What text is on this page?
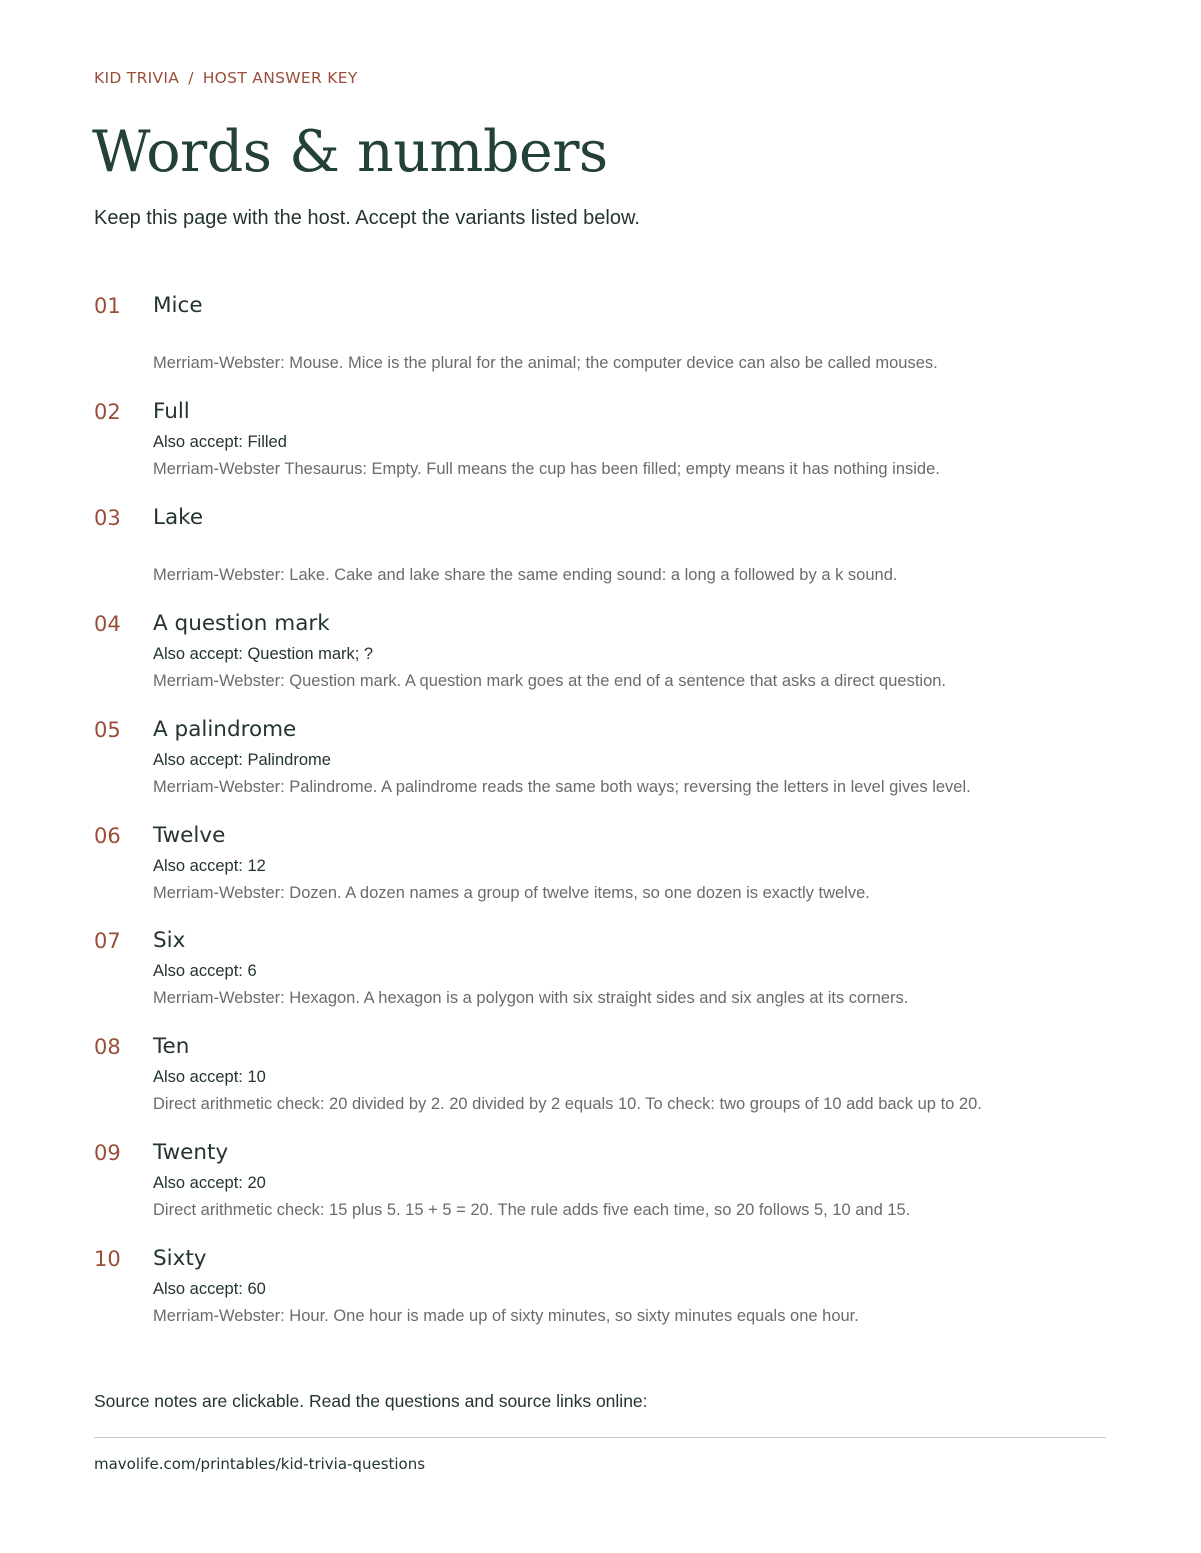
KID TRIVIA / HOST ANSWER KEY
Words & numbers

Keep this page with the host. Accept the variants listed below.

01 Mice
Merriam-Webster: Mouse. Mice is the plural for the animal; the computer device can also be called mouses.
02 Full
Also accept: Filled
Merriam-Webster Thesaurus: Empty. Full means the cup has been filled; empty means it has nothing inside.
03 Lake
Merriam-Webster: Lake. Cake and lake share the same ending sound: a long a followed by a k sound.
04 A question mark
Also accept: Question mark; ?
Merriam-Webster: Question mark. A question mark goes at the end of a sentence that asks a direct question.
05 A palindrome
Also accept: Palindrome
Merriam-Webster: Palindrome. A palindrome reads the same both ways; reversing the letters in level gives level.
06 Twelve
Also accept: 12
Merriam-Webster: Dozen. A dozen names a group of twelve items, so one dozen is exactly twelve.
07 Six
Also accept: 6
Merriam-Webster: Hexagon. A hexagon is a polygon with six straight sides and six angles at its corners.
08 Ten
Also accept: 10
Direct arithmetic check: 20 divided by 2. 20 divided by 2 equals 10. To check: two groups of 10 add back up to 20.
09 Twenty
Also accept: 20
Direct arithmetic check: 15 plus 5. 15 + 5 = 20. The rule adds five each time, so 20 follows 5, 10 and 15.
10 Sixty
Also accept: 60
Merriam-Webster: Hour. One hour is made up of sixty minutes, so sixty minutes equals one hour.
Source notes are clickable. Read the questions and source links online:
mavolife.com/printables/kid-trivia-questions
